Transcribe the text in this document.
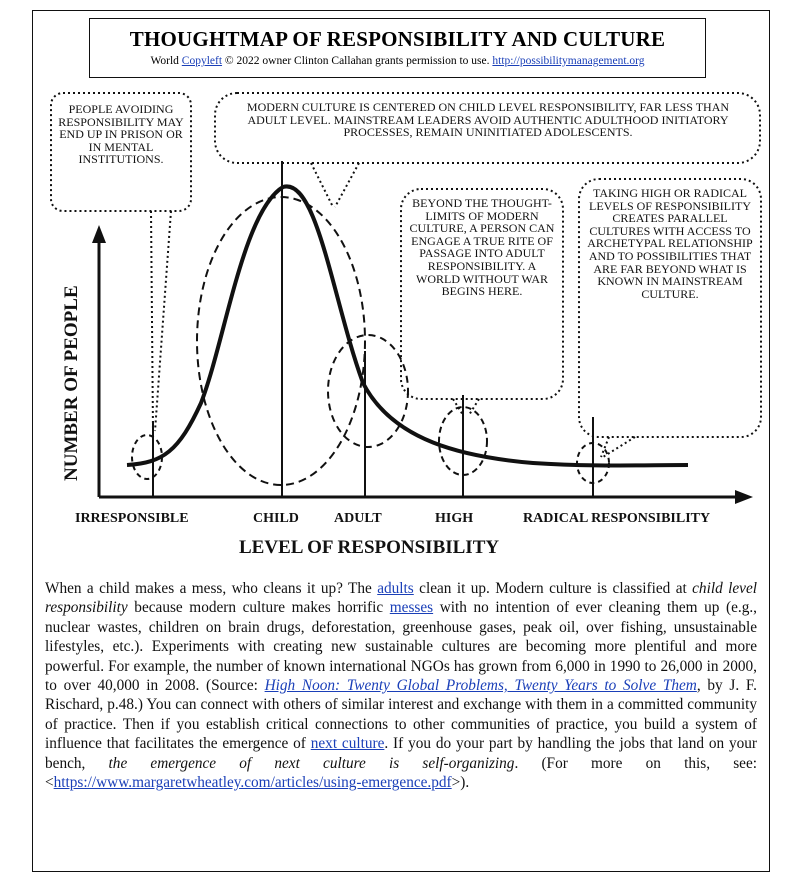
THOUGHTMAP OF RESPONSIBILITY AND CULTURE
World Copyleft © 2022 owner Clinton Callahan grants permission to use. http://possibilitymanagement.org
PEOPLE AVOIDING RESPONSIBILITY MAY END UP IN PRISON OR IN MENTAL INSTITUTIONS.
MODERN CULTURE IS CENTERED ON CHILD LEVEL RESPONSIBILITY, FAR LESS THAN ADULT LEVEL. MAINSTREAM LEADERS AVOID AUTHENTIC ADULTHOOD INITIATORY PROCESSES, REMAIN UNINITIATED ADOLESCENTS.
BEYOND THE THOUGHT-LIMITS OF MODERN CULTURE, A PERSON CAN ENGAGE A TRUE RITE OF PASSAGE INTO ADULT RESPONSIBILITY. A WORLD WITHOUT WAR BEGINS HERE.
TAKING HIGH OR RADICAL LEVELS OF RESPONSIBILITY CREATES PARALLEL CULTURES WITH ACCESS TO ARCHETYPAL RELATIONSHIP AND TO POSSIBILITIES THAT ARE FAR BEYOND WHAT IS KNOWN IN MAINSTREAM CULTURE.
NUMBER OF PEOPLE
IRRESPONSIBLE	CHILD	ADULT	HIGH	RADICAL RESPONSIBILITY
LEVEL OF RESPONSIBILITY
When a child makes a mess, who cleans it up? The adults clean it up. Modern culture is classified at child level responsibility because modern culture makes horrific messes with no intention of ever cleaning them up (e.g., nuclear wastes, children on brain drugs, deforestation, greenhouse gases, peak oil, over fishing, unsustainable lifestyles, etc.). Experiments with creating new sustainable cultures are becoming more plentiful and more powerful. For example, the number of known international NGOs has grown from 6,000 in 1990 to 26,000 in 2000, to over 40,000 in 2008. (Source: High Noon: Twenty Global Problems, Twenty Years to Solve Them, by J. F. Rischard, p.48.) You can connect with others of similar interest and exchange with them in a committed community of practice. Then if you establish critical connections to other communities of practice, you build a system of influence that facilitates the emergence of next culture. If you do your part by handling the jobs that land on your bench, the emergence of next culture is self-organizing. (For more on this, see: <https://www.margaretwheatley.com/articles/using-emergence.pdf>).
